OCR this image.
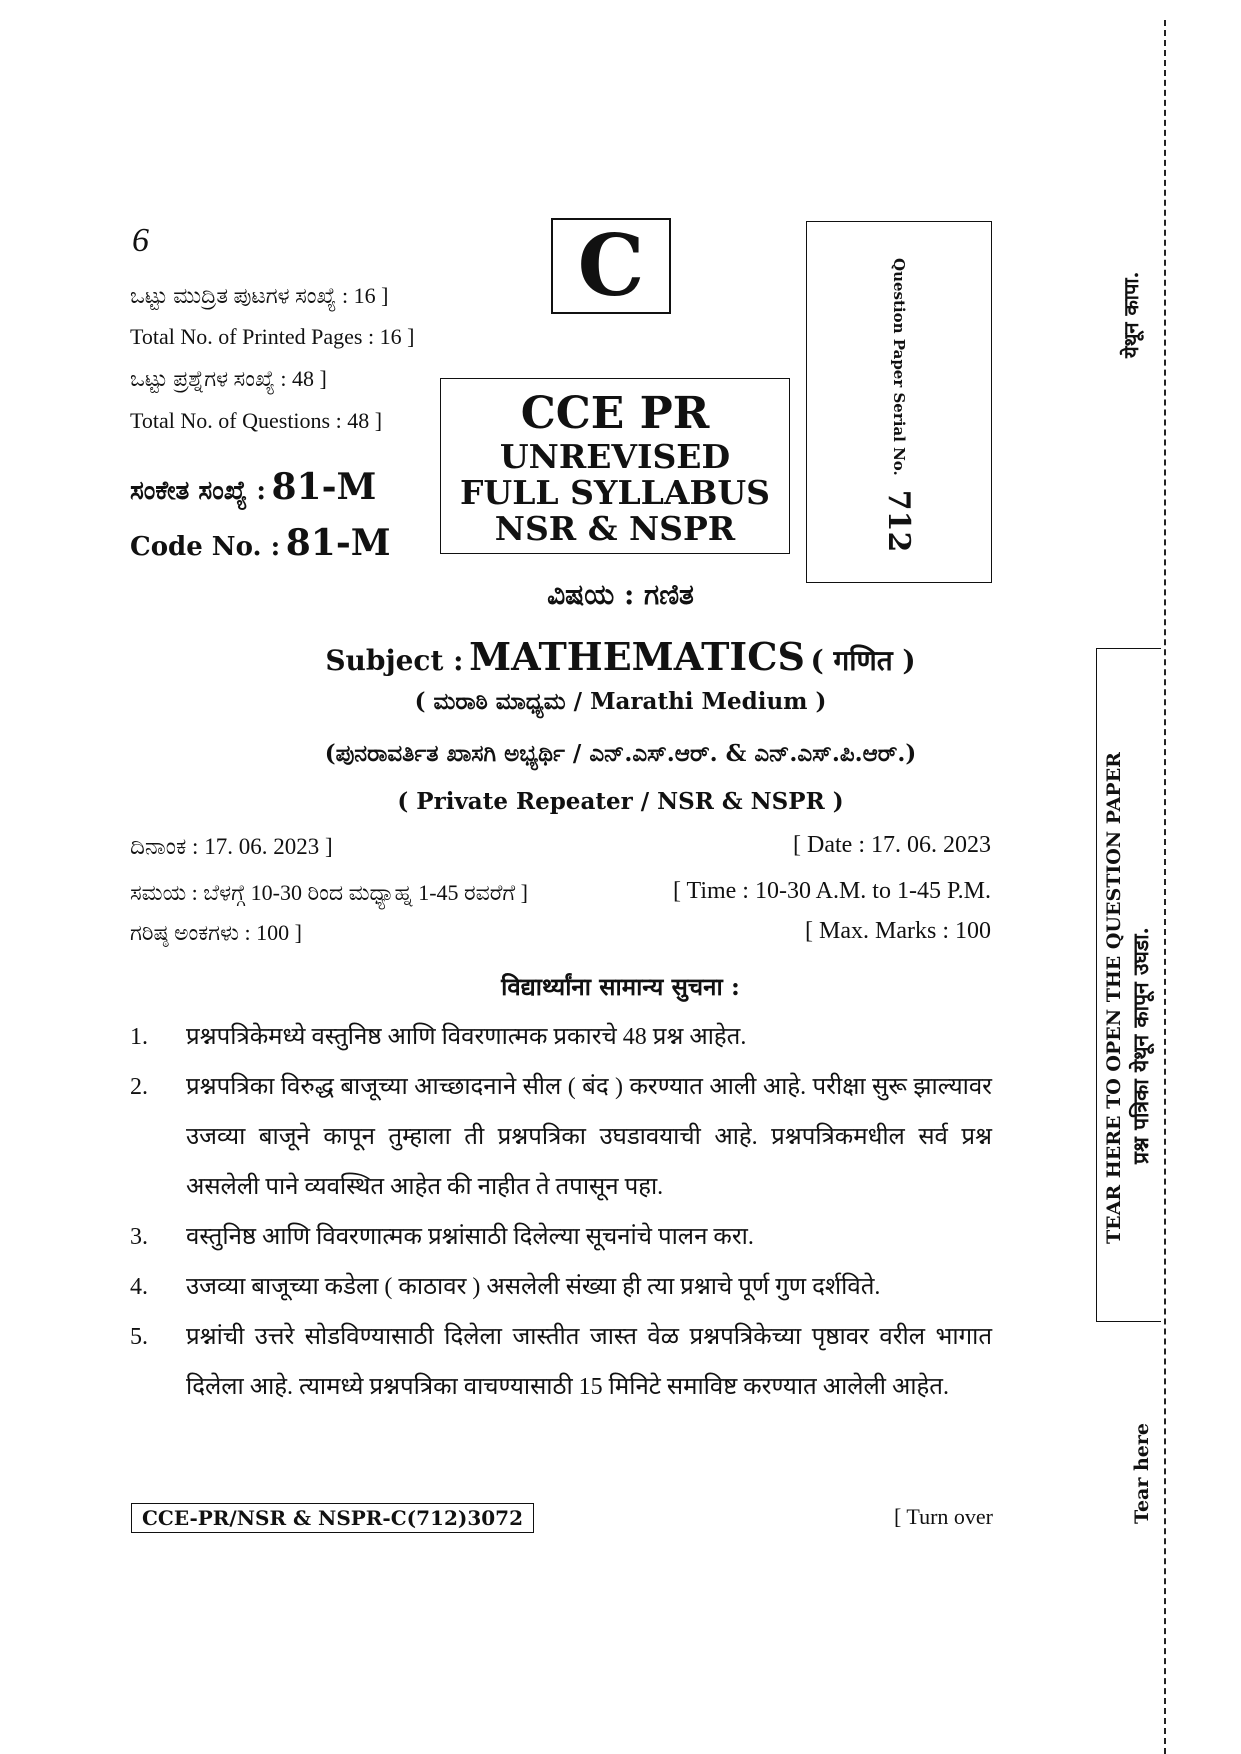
6
ಒಟ್ಟು ಮುದ್ರಿತ ಪುಟಗಳ ಸಂಖ್ಯೆ : 16 ]
Total No. of Printed Pages : 16 ]
ಒಟ್ಟು ಪ್ರಶ್ನೆಗಳ ಸಂಖ್ಯೆ : 48 ]
Total No. of Questions : 48 ]
ಸಂಕೇತ ಸಂಖ್ಯೆ : 81-M
Code No. : 81-M
C
CCE PR
UNREVISED
FULL SYLLABUS
NSR & NSPR
Question Paper Serial No.
712
ವಿಷಯ : ಗಣಿತ
Subject : MATHEMATICS ( गणित )
( ಮರಾಠಿ ಮಾಧ್ಯಮ / Marathi Medium )
(ಪುನರಾವರ್ತಿತ ಖಾಸಗಿ ಅಭ್ಯರ್ಥಿ / ಎನ್.ಎಸ್.ಆರ್. & ಎನ್.ಎಸ್.ಪಿ.ಆರ್.)
( Private Repeater / NSR & NSPR )
ದಿನಾಂಕ : 17. 06. 2023 ]	[ Date : 17. 06. 2023
ಸಮಯ : ಬೆಳಗ್ಗೆ 10-30 ರಿಂದ ಮಧ್ಯಾಹ್ನ 1-45 ರವರೆಗೆ ]	[ Time : 10-30 A.M. to 1-45 P.M.
ಗರಿಷ್ಠ ಅಂಕಗಳು : 100 ]	[ Max. Marks : 100
विद्यार्थ्यांना सामान्य सुचना :
1. प्रश्नपत्रिकेमध्ये वस्तुनिष्ठ आणि विवरणात्मक प्रकारचे 48 प्रश्न आहेत.
2. प्रश्नपत्रिका विरुद्ध बाजूच्या आच्छादनाने सील ( बंद ) करण्यात आली आहे. परीक्षा सुरू झाल्यावर उजव्या बाजूने कापून तुम्हाला ती प्रश्नपत्रिका उघडावयाची आहे. प्रश्नपत्रिकमधील सर्व प्रश्न असलेली पाने व्यवस्थित आहेत की नाहीत ते तपासून पहा.
3. वस्तुनिष्ठ आणि विवरणात्मक प्रश्नांसाठी दिलेल्या सूचनांचे पालन करा.
4. उजव्या बाजूच्या कडेला ( काठावर ) असलेली संख्या ही त्या प्रश्नाचे पूर्ण गुण दर्शविते.
5. प्रश्नांची उत्तरे सोडविण्यासाठी दिलेला जास्तीत जास्त वेळ प्रश्नपत्रिकेच्या पृष्ठावर वरील भागात दिलेला आहे. त्यामध्ये प्रश्नपत्रिका वाचण्यासाठी 15 मिनिटे समाविष्ट करण्यात आलेली आहेत.
CCE-PR/NSR & NSPR-C(712)3072	[ Turn over
येथून कापा.
TEAR HERE TO OPEN THE QUESTION PAPER प्रश्न पत्रिका येथून कापून उघडा.
Tear here
